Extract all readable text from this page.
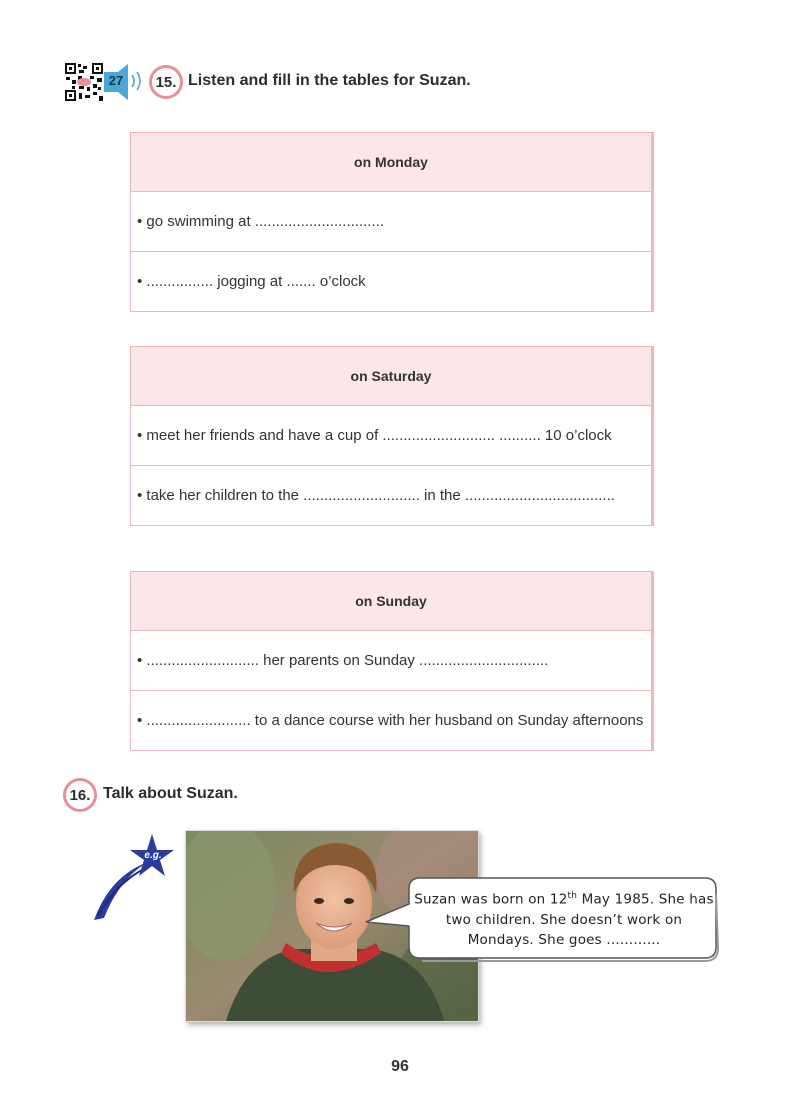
27	15. Listen and fill in the tables for Suzan.
on Monday
• go swimming at ...............................
• ................ jogging at ....... o’clock
on Saturday
• meet her friends and have a cup of ........................... .......... 10 o’clock
• take her children to the ............................ in the ....................................
on Sunday
• ........................... her parents on Sunday ...............................
• ......................... to a dance course with her husband on Sunday afternoons
16. Talk about Suzan.
e.g.
Suzan was born on 12th May 1985. She has two children. She doesn’t work on Mondays. She goes ............
96
